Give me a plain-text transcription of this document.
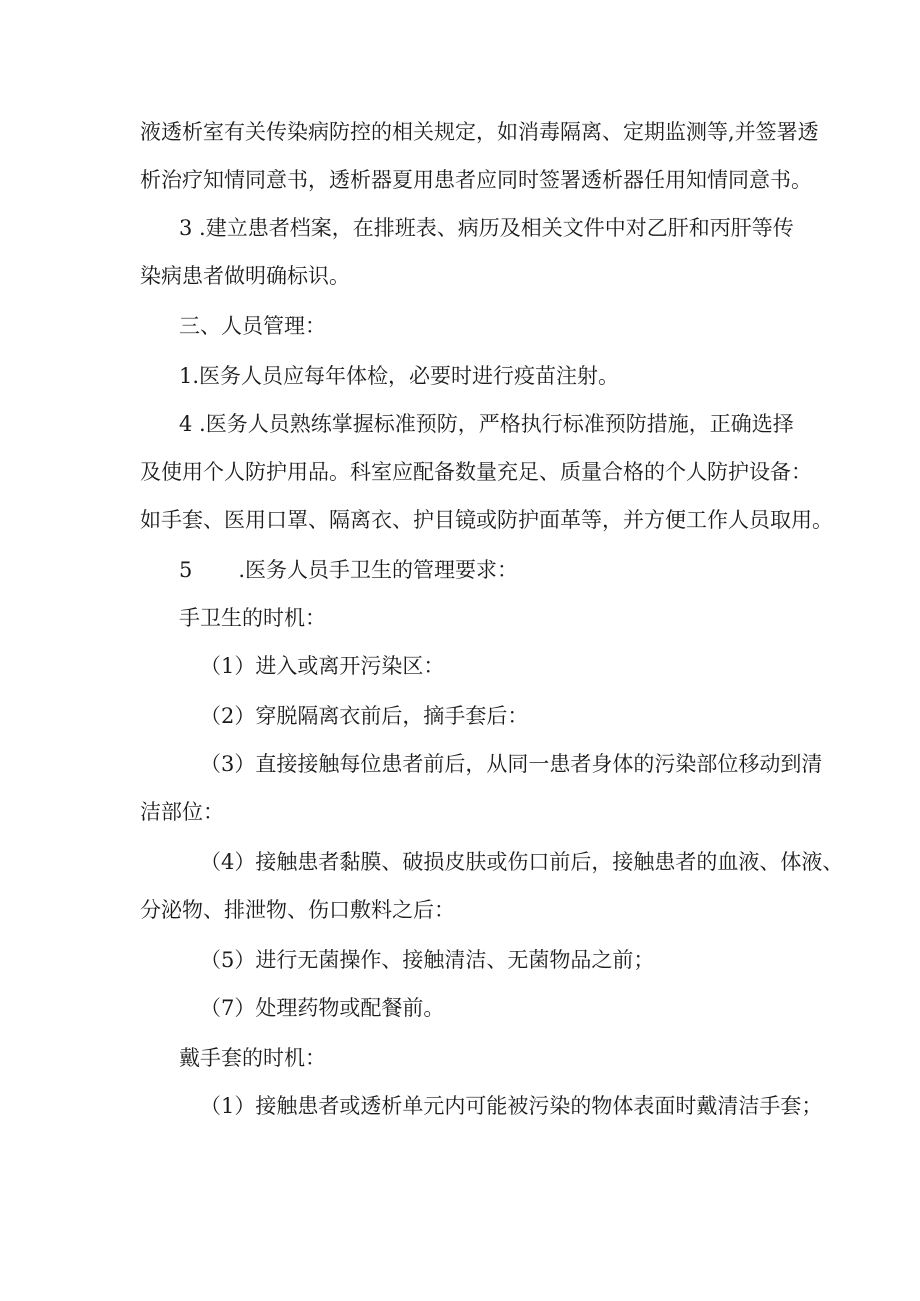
液透析室有关传染病防控的相关规定，如消毒隔离、定期监测等,并签署透
析治疗知情同意书，透析器夏用患者应同时签署透析器任用知情同意书。
3 .建立患者档案，在排班表、病历及相关文件中对乙肝和丙肝等传
染病患者做明确标识。
三、人员管理：
1.医务人员应每年体检，必要时进行疫苗注射。
4 .医务人员熟练掌握标准预防，严格执行标准预防措施，正确选择
及使用个人防护用品。科室应配备数量充足、质量合格的个人防护设备：
如手套、医用口罩、隔离衣、护目镜或防护面革等，并方便工作人员取用。
5 .医务人员手卫生的管理要求：
手卫生的时机：
（1）进入或离开污染区：
（2）穿脱隔离衣前后，摘手套后：
（3）直接接触每位患者前后，从同一患者身体的污染部位移动到清
洁部位：
（4）接触患者黏膜、破损皮肤或伤口前后，接触患者的血液、体液、
分泌物、排泄物、伤口敷料之后：
（5）进行无菌操作、接触清洁、无菌物品之前；
（7）处理药物或配餐前。
戴手套的时机：
（1）接触患者或透析单元内可能被污染的物体表面时戴清洁手套；
